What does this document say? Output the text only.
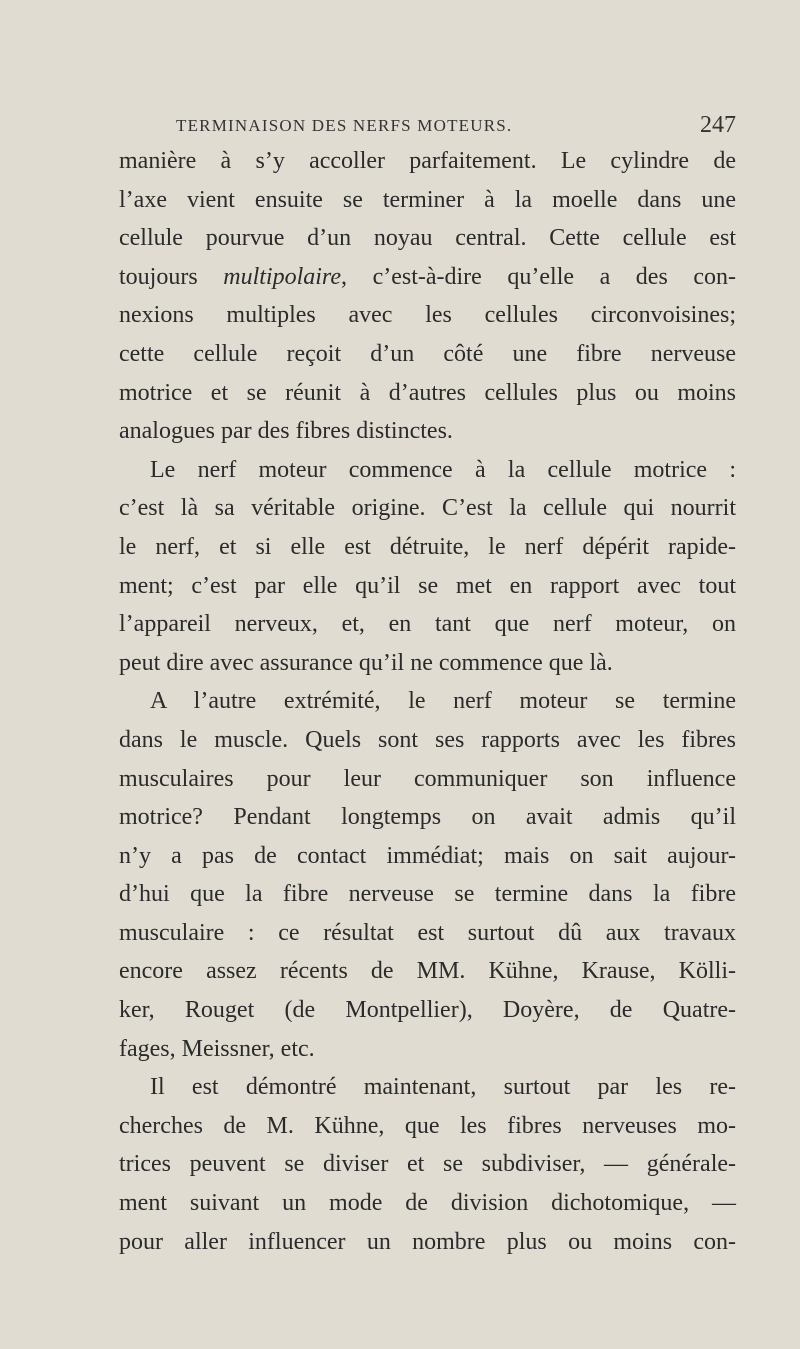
TERMINAISON DES NERFS MOTEURS.	247
manière à s’y accoller parfaitement. Le cylindre de
l’axe vient ensuite se terminer à la moelle dans une
cellule pourvue d’un noyau central. Cette cellule est
toujours multipolaire, c’est-à-dire qu’elle a des con-
nexions multiples avec les cellules circonvoisines;
cette cellule reçoit d’un côté une fibre nerveuse
motrice et se réunit à d’autres cellules plus ou moins
analogues par des fibres distinctes.
Le nerf moteur commence à la cellule motrice :
c’est là sa véritable origine. C’est la cellule qui nourrit
le nerf, et si elle est détruite, le nerf dépérit rapide-
ment; c’est par elle qu’il se met en rapport avec tout
l’appareil nerveux, et, en tant que nerf moteur, on
peut dire avec assurance qu’il ne commence que là.
A l’autre extrémité, le nerf moteur se termine
dans le muscle. Quels sont ses rapports avec les fibres
musculaires pour leur communiquer son influence
motrice? Pendant longtemps on avait admis qu’il
n’y a pas de contact immédiat; mais on sait aujour-
d’hui que la fibre nerveuse se termine dans la fibre
musculaire : ce résultat est surtout dû aux travaux
encore assez récents de MM. Kühne, Krause, Kölli-
ker, Rouget (de Montpellier), Doyère, de Quatre-
fages, Meissner, etc.
Il est démontré maintenant, surtout par les re-
cherches de M. Kühne, que les fibres nerveuses mo-
trices peuvent se diviser et se subdiviser, — générale-
ment suivant un mode de division dichotomique, —
pour aller influencer un nombre plus ou moins con-
